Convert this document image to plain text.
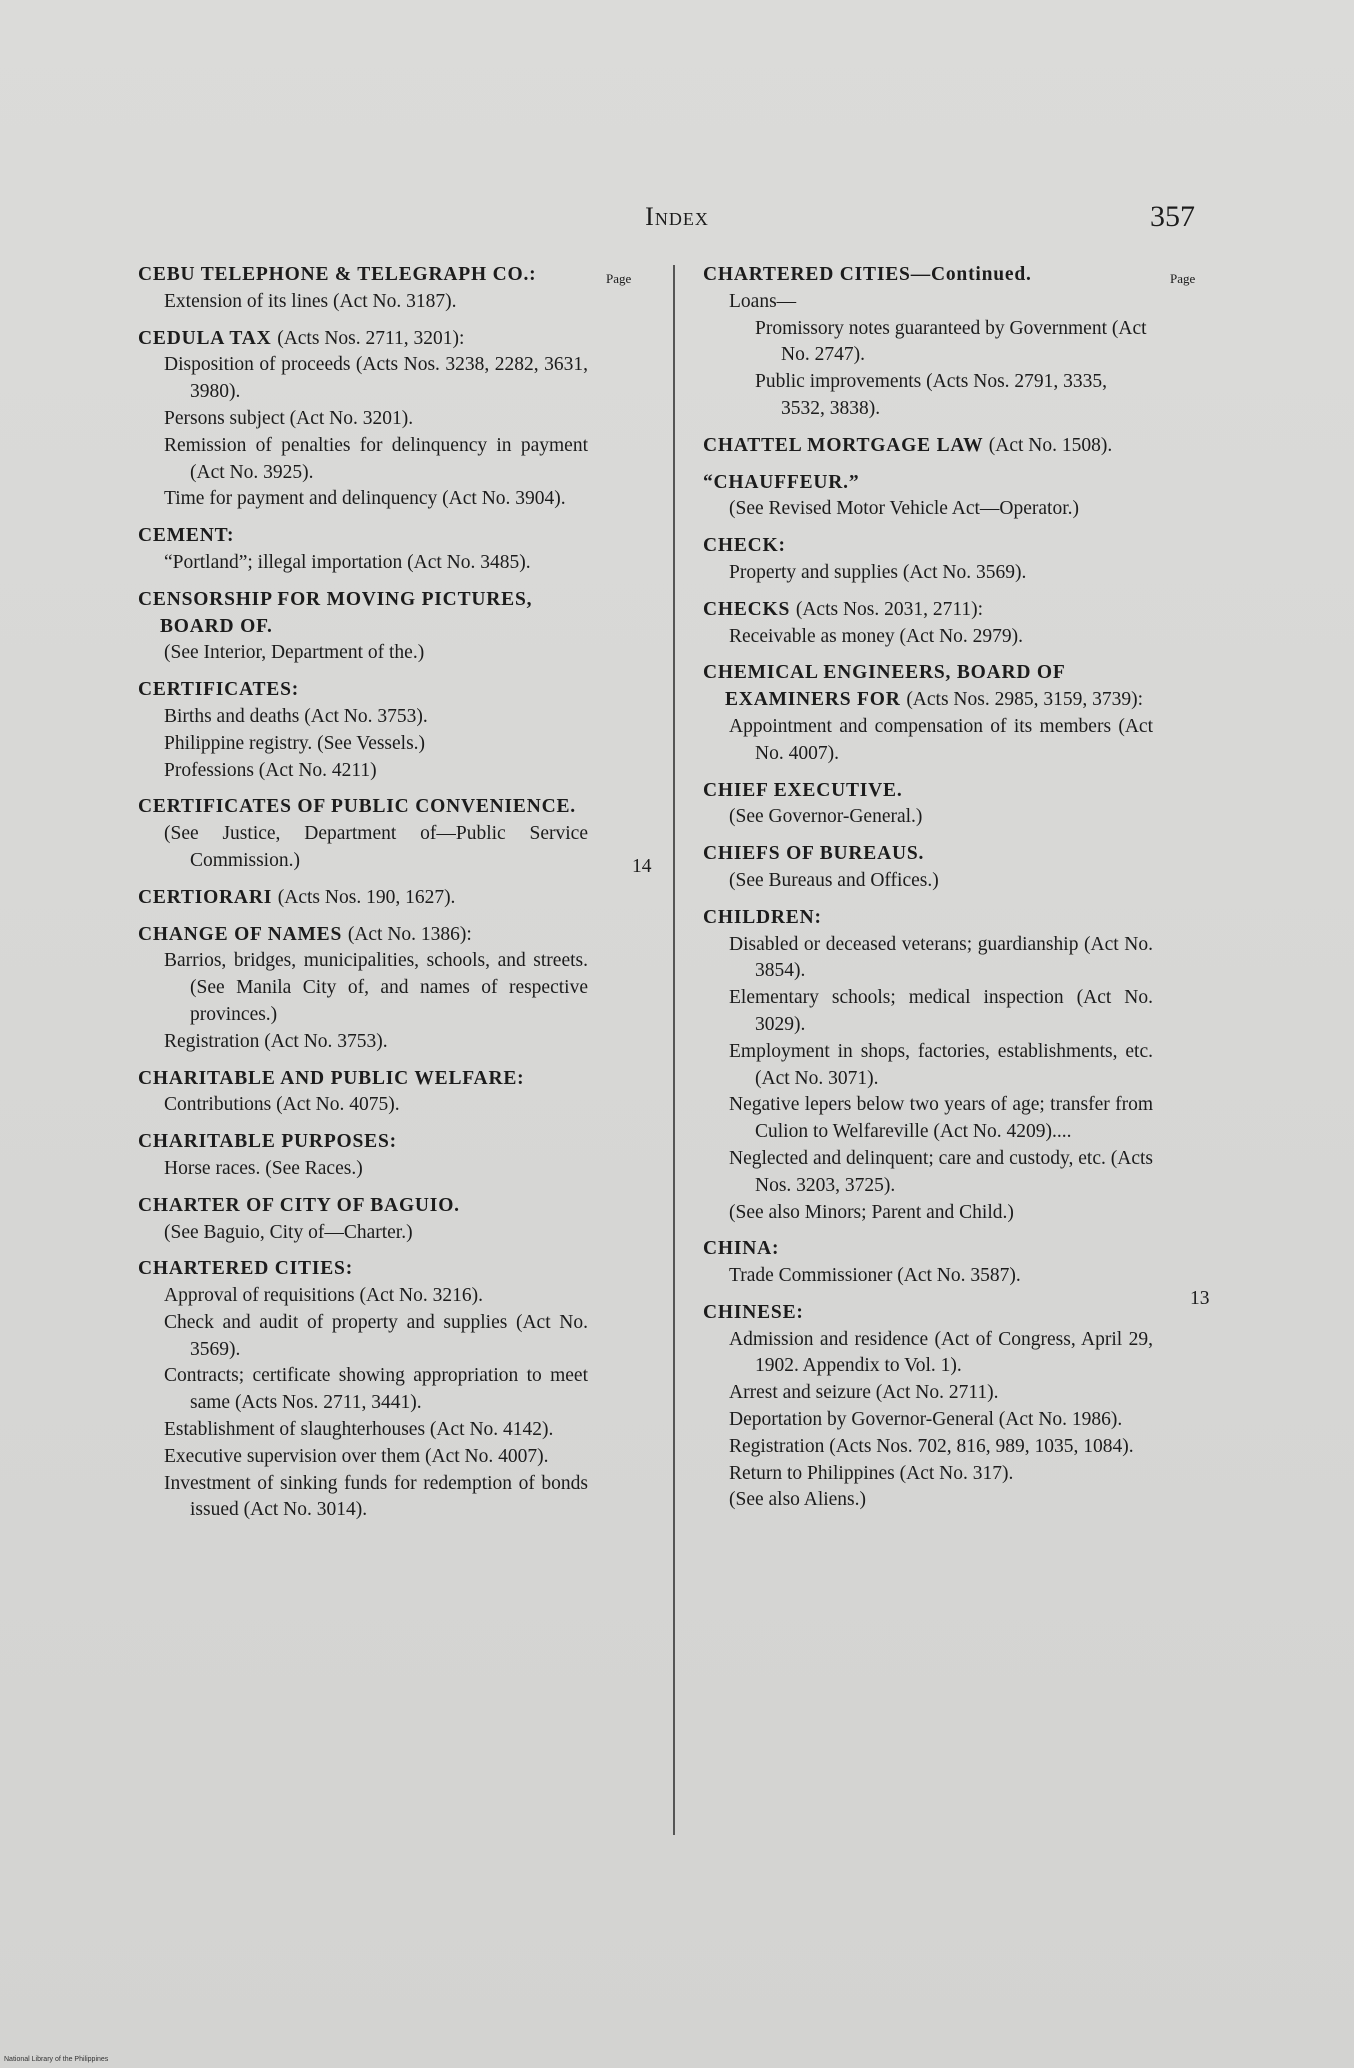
Index	357
Page	Page
CEBU TELEPHONE & TELEGRAPH CO.:
Extension of its lines (Act No. 3187).
CEDULA TAX (Acts Nos. 2711, 3201):
Disposition of proceeds (Acts Nos. 3238, 2282, 3631, 3980).
Persons subject (Act No. 3201).
Remission of penalties for delinquency in payment (Act No. 3925).
Time for payment and delinquency (Act No. 3904).
CEMENT:
“Portland”; illegal importation (Act No. 3485).
CENSORSHIP FOR MOVING PICTURES, BOARD OF.
(See Interior, Department of the.)
CERTIFICATES:
Births and deaths (Act No. 3753).
Philippine registry. (See Vessels.)
Professions (Act No. 4211)
CERTIFICATES OF PUBLIC CONVENIENCE.
(See Justice, Department of—Public Service Commission.)
CERTIORARI (Acts Nos. 190, 1627).
CHANGE OF NAMES (Act No. 1386):
Barrios, bridges, municipalities, schools, and streets. (See Manila City of, and names of respective provinces.)
Registration (Act No. 3753).
CHARITABLE AND PUBLIC WELFARE:
Contributions (Act No. 4075).
CHARITABLE PURPOSES:
Horse races. (See Races.)
CHARTER OF CITY OF BAGUIO.
(See Baguio, City of—Charter.)
CHARTERED CITIES:
Approval of requisitions (Act No. 3216).
Check and audit of property and supplies (Act No. 3569).
Contracts; certificate showing appropriation to meet same (Acts Nos. 2711, 3441).
Establishment of slaughterhouses (Act No. 4142).
Executive supervision over them (Act No. 4007).
Investment of sinking funds for redemption of bonds issued (Act No. 3014).
CHARTERED CITIES—Continued.
Loans—
Promissory notes guaranteed by Government (Act No. 2747).
Public improvements (Acts Nos. 2791, 3335, 3532, 3838).
CHATTEL MORTGAGE LAW (Act No. 1508).
“CHAUFFEUR.”
(See Revised Motor Vehicle Act—Operator.)
CHECK:
Property and supplies (Act No. 3569).
CHECKS (Acts Nos. 2031, 2711):
Receivable as money (Act No. 2979).
CHEMICAL ENGINEERS, BOARD OF EXAMINERS FOR (Acts Nos. 2985, 3159, 3739):
Appointment and compensation of its members (Act No. 4007).
CHIEF EXECUTIVE.
(See Governor-General.)
CHIEFS OF BUREAUS.
(See Bureaus and Offices.)
CHILDREN:
Disabled or deceased veterans; guardianship (Act No. 3854).
Elementary schools; medical inspection (Act No. 3029).
Employment in shops, factories, establishments, etc. (Act No. 3071).
Negative lepers below two years of age; transfer from Culion to Welfareville (Act No. 4209)....
Neglected and delinquent; care and custody, etc. (Acts Nos. 3203, 3725).
(See also Minors; Parent and Child.)
CHINA:
Trade Commissioner (Act No. 3587).
CHINESE:
Admission and residence (Act of Congress, April 29, 1902. Appendix to Vol. 1).
Arrest and seizure (Act No. 2711).
Deportation by Governor-General (Act No. 1986).
Registration (Acts Nos. 702, 816, 989, 1035, 1084).
Return to Philippines (Act No. 317).
(See also Aliens.)
14
13
National Library of the Philippines
